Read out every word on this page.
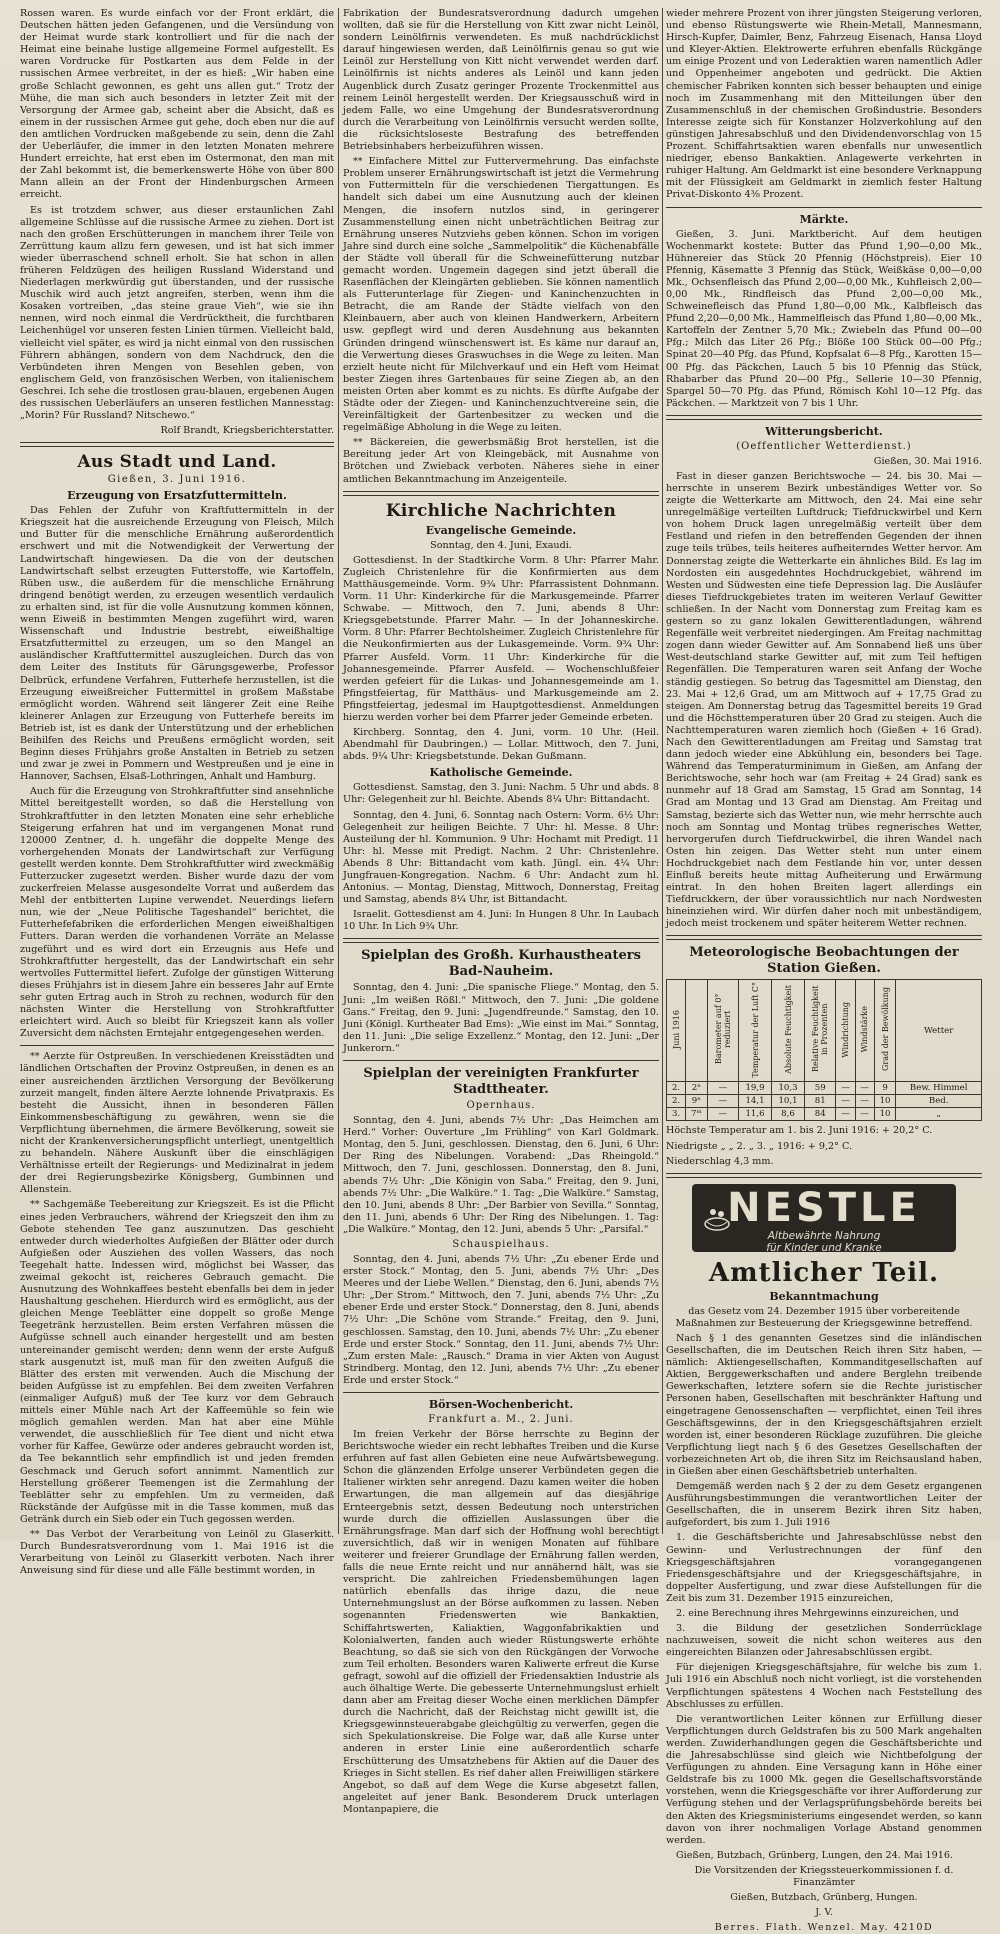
Rossen waren. Es wurde einfach vor der Front erklärt, die Deutschen hätten jeden Gefangenen, und die Versündung von der Heimat wurde stark kontrolliert und für die nach der Heimat eine beinahe lustige allgemeine Formel aufgestellt. Es waren Vordrucke für Postkarten aus dem Felde in der russischen Armee verbreitet, in der es hieß: „Wir haben eine große Schlacht gewonnen, es geht uns allen gut.“ Trotz der Mühe, die man sich auch besonders in letzter Zeit mit der Versorgung der Armee gab, scheint aber die Absicht, daß es einem in der russischen Armee gut gehe, doch eben nur die auf den amtlichen Vordrucken maßgebende zu sein, denn die Zahl der Ueberläufer, die immer in den letzten Monaten mehrere Hundert erreichte, hat erst eben im Ostermonat, den man mit der Zahl bekommt ist, die bemerkenswerte Höhe von über 800 Mann allein an der Front der Hindenburgschen Armeen erreicht.

Es ist trotzdem schwer, aus dieser erstaunlichen Zahl allgemeine Schlüsse auf die russische Armee zu ziehen. Dort ist nach den großen Erschütterungen in manchem ihrer Teile von Zerrüttung kaum allzu fern gewesen, und ist hat sich immer wieder überraschend schnell erholt. Sie hat schon in allen früheren Feldzügen des heiligen Russland Widerstand und Niederlagen merkwürdig gut überstanden, und der russische Muschik wird auch jetzt angreifen, sterben, wenn ihm die Kosaken vortreiben, „das steine graue Vieh“, wie sie ihn nennen, wird noch einmal die Verdrücktheit, die furchtbaren Leichenhügel vor unseren festen Linien türmen. Vielleicht bald, vielleicht viel später, es wird ja nicht einmal von den russischen Führern abhängen, sondern von dem Nachdruck, den die Verbündeten ihren Mengen von Besehlen geben, von englischem Geld, von französischen Werben, von italienischem Geschrei. Ich sehe die trostlosen grau-blauen, ergebenen Augen des russischen Ueberläufers an unseren festlichen Mannesstag: „Morin? Für Russland? Nitschewo.“

Rolf Brandt, Kriegsberichterstatter.
Aus Stadt und Land.
Gießen, 3. Juni 1916.
Erzeugung von Ersatzfuttermitteln.

Das Fehlen der Zufuhr von Kraftfuttermitteln in der Kriegszeit hat die ausreichende Erzeugung von Fleisch, Milch und Butter für die menschliche Ernährung außerordentlich erschwert und mit die Notwendigkeit der Verwertung der Landwirtschaft hingewiesen. Da die von der deutschen Landwirtschaft selbst erzeugten Futterstoffe, wie Kartoffeln, Rüben usw., die außerdem für die menschliche Ernährung dringend benötigt werden, zu erzeugen wesentlich verdaulich zu erhalten sind, ist für die volle Ausnutzung kommen können, wenn Eiweiß in bestimmten Mengen zugeführt wird, waren Wissenschaft und Industrie bestrebt, eiweißhaltige Ersatzfuttermittel zu erzeugen, um so den Mangel an ausländischer Kraftfuttermittel auszugleichen. Durch das von dem Leiter des Instituts für Gärungsgewerbe, Professor Delbrück, erfundene Verfahren, Futterhefe herzustellen, ist die Erzeugung eiweißreicher Futtermittel in großem Maßstabe ermöglicht worden. Während seit längerer Zeit eine Reihe kleinerer Anlagen zur Erzeugung von Futterhefe bereits im Betrieb ist, ist es dank der Unterstützung und der erheblichen Beihilfen des Reichs und Preußens ermöglicht worden, seit Beginn dieses Frühjahrs große Anstalten in Betrieb zu setzen und zwar je zwei in Pommern und Westpreußen und je eine in Hannover, Sachsen, Elsaß-Lothringen, Anhalt und Hamburg.

Auch für die Erzeugung von Strohkraftfutter sind ansehnliche Mittel bereitgestellt worden, so daß die Herstellung von Strohkraftfutter in den letzten Monaten eine sehr erhebliche Steigerung erfahren hat und im vergangenen Monat rund 120000 Zentner, d. h. ungefähr die doppelte Menge des vorhergehenden Monats der Landwirtschaft zur Verfügung gestellt werden konnte. Dem Strohkraftfutter wird zweckmäßig Futterzucker zugesetzt werden. Bisher wurde dazu der vom zuckerfreien Melasse ausgesondelte Vorrat und außerdem das Mehl der entbitterten Lupine verwendet. Neuerdings liefern nun, wie der „Neue Politische Tageshandel“ berichtet, die Futterhefefabriken die erforderlichen Mengen eiweißhaltigen Futters. Daran werden die vorhandenen Vorräte an Melasse zugeführt und es wird dort ein Erzeugnis aus Hefe und Strohkraftfutter hergestellt, das der Landwirtschaft ein sehr wertvolles Futtermittel liefert. Zufolge der günstigen Witterung dieses Frühjahrs ist in diesem Jahre ein besseres Jahr auf Ernte sehr guten Ertrag auch in Stroh zu rechnen, wodurch für den nächsten Winter die Herstellung von Strohkraftfutter erleichtert wird. Auch so bleibt für Kriegszeit kann als voller Zuversicht dem nächsten Erntejahr entgegengesehen werden.

** Aerzte für Ostpreußen. In verschiedenen Kreisstädten und ländlichen Ortschaften der Provinz Ostpreußen, in denen es an einer ausreichenden ärztlichen Versorgung der Bevölkerung zurzeit mangelt, finden ältere Aerzte lohnende Privatpraxis. Es besteht die Aussicht, ihnen in besonderen Fällen Einkommensbeschäftigung zu gewähren, wenn sie die Verpflichtung übernehmen, die ärmere Bevölkerung, soweit sie nicht der Krankenversicherungspflicht unterliegt, unentgeltlich zu behandeln. Nähere Auskunft über die einschlägigen Verhältnisse erteilt der Regierungs- und Medizinalrat in jedem der drei Regierungsbezirke Königsberg, Gumbinnen und Allenstein.

** Sachgemäße Teebereitung zur Kriegszeit. Es ist die Pflicht eines jeden Verbrauchers, während der Kriegszeit den ihm zu Gebote stehenden Tee ganz auszunutzen. Das geschieht entweder durch wiederholtes Aufgießen der Blätter oder durch Aufgießen oder Ausziehen des vollen Wassers, das noch Teegehalt hatte. Indessen wird, möglichst bei Wasser, das zweimal gekocht ist, reicheres Gebrauch gemacht. Die Ausnutzung des Wohnkaffees besteht ebenfalls bei dem in jeder Haushaltung geschehen. Hierdurch wird es ermöglicht, aus der gleichen Menge Teeblätter eine doppelt so große Menge Teegetränk herzustellen. Beim ersten Verfahren müssen die Aufgüsse schnell auch einander hergestellt und am besten untereinander gemischt werden; denn wenn der erste Aufguß stark ausgenutzt ist, muß man für den zweiten Aufguß die Blätter des ersten mit verwenden. Auch die Mischung der beiden Aufgüsse ist zu empfehlen. Bei dem zweiten Verfahren (einmaliger Aufguß) muß der Tee kurz vor dem Gebrauch mittels einer Mühle nach Art der Kaffeemühle so fein wie möglich gemahlen werden. Man hat aber eine Mühle verwendet, die ausschließlich für Tee dient und nicht etwa vorher für Kaffee, Gewürze oder anderes gebraucht worden ist, da Tee bekanntlich sehr empfindlich ist und jeden fremden Geschmack und Geruch sofort annimmt. Namentlich zur Herstellung größerer Teemengen ist die Zermahlung der Teeblätter sehr zu empfehlen. Um zu vermeiden, daß Rückstände der Aufgüsse mit in die Tasse kommen, muß das Getränk durch ein Sieb oder ein Tuch gegossen werden.

** Das Verbot der Verarbeitung von Leinöl zu Glaserkitt. Durch Bundesratsverordnung vom 1. Mai 1916 ist die Verarbeitung von Leinöl zu Glaserkitt verboten. Nach ihrer Anweisung sind für diese und alle Fälle bestimmt worden, in

Fabrikation der Bundesratsverordnung dadurch umgehen wollten, daß sie für die Herstellung von Kitt zwar nicht Leinöl, sondern Leinölfirnis verwendeten. Es muß nachdrücklichst darauf hingewiesen werden, daß Leinölfirnis genau so gut wie Leinöl zur Herstellung von Kitt nicht verwendet werden darf. Leinölfirnis ist nichts anderes als Leinöl und kann jeden Augenblick durch Zusatz geringer Prozente Trockenmittel aus reinem Leinöl hergestellt werden. Der Kriegsausschuß wird in jedem Falle, wo eine Umgehung der Bundesratsverordnung durch die Verarbeitung von Leinölfirnis versucht werden sollte, die rücksichtsloseste Bestrafung des betreffenden Betriebsinhabers herbeizuführen wissen.

** Einfachere Mittel zur Futtervermehrung. Das einfachste Problem unserer Ernährungswirtschaft ist jetzt die Vermehrung von Futtermitteln für die verschiedenen Tiergattungen. Es handelt sich dabei um eine Ausnutzung auch der kleinen Mengen, die insofern nutzlos sind, in geringerer Zusammenstellung einen nicht unbeträchtlichen Beitrag zur Ernährung unseres Nutzviehs geben können. Schon im vorigen Jahre sind durch eine solche „Sammelpolitik“ die Küchenabfälle der Städte voll überall für die Schweinefütterung nutzbar gemacht worden. Ungemein dagegen sind jetzt überall die Rasenflächen der Kleingärten geblieben. Sie können namentlich als Futterunterlage für Ziegen- und Kaninchenzuchten in Betracht, die am Rande der Städte vielfach von den Kleinbauern, aber auch von kleinen Handwerkern, Arbeitern usw. gepflegt wird und deren Ausdehnung aus bekannten Gründen dringend wünschenswert ist. Es käme nur darauf an, die Verwertung dieses Graswuchses in die Wege zu leiten. Man erzielt heute nicht für Milchverkauf und ein Heft vom Heimat bester Ziegen ihres Gartenbaues für seine Ziegen ab, an den meisten Orten aber kommt es zu nichts. Es dürfte Aufgabe der Städte oder der Ziegen- und Kaninchenzuchtvereine sein, die Vereinfältigkeit der Gartenbesitzer zu wecken und die regelmäßige Abholung in die Wege zu leiten.

** Bäckereien, die gewerbsmäßig Brot herstellen, ist die Bereitung jeder Art von Kleingebäck, mit Ausnahme von Brötchen und Zwieback verboten. Näheres siehe in einer amtlichen Bekanntmachung im Anzeigenteile.

Kirchliche Nachrichten
Evangelische Gemeinde.

Sonntag, den 4. Juni, Exaudi.

Gottesdienst. In der Stadtkirche Vorm. 8 Uhr: Pfarrer Mahr. Zugleich Christenlehre für die Konfirmierten aus dem Matthäusgemeinde. Vorm. 9¾ Uhr: Pfarrassistent Dohnmann. Vorm. 11 Uhr: Kinderkirche für die Markusgemeinde. Pfarrer Schwabe. — Mittwoch, den 7. Juni, abends 8 Uhr: Kriegsgebetstunde. Pfarrer Mahr. — In der Johanneskirche. Vorm. 8 Uhr: Pfarrer Bechtolsheimer. Zugleich Christenlehre für die Neukonfirmierten aus der Lukasgemeinde. Vorm. 9¾ Uhr: Pfarrer Ausfeld. Vorm. 11 Uhr: Kinderkirche für die Johannesgemeinde. Pfarrer Ausfeld. — Wochenschlußfeier werden gefeiert für die Lukas- und Johannesgemeinde am 1. Pfingstfeiertag, für Matthäus- und Markusgemeinde am 2. Pfingstfeiertag, jedesmal im Hauptgottesdienst. Anmeldungen hierzu werden vorher bei dem Pfarrer jeder Gemeinde erbeten.

Kirchberg. Sonntag, den 4. Juni, vorm. 10 Uhr. (Heil. Abendmahl für Daubringen.) — Lollar. Mittwoch, den 7. Juni, abds. 9¼ Uhr: Kriegsbetstunde. Dekan Gußmann.

Katholische Gemeinde.

Gottesdienst. Samstag, den 3. Juni: Nachm. 5 Uhr und abds. 8 Uhr: Gelegenheit zur hl. Beichte. Abends 8¼ Uhr: Bittandacht.

Sonntag, den 4. Juni, 6. Sonntag nach Ostern: Vorm. 6½ Uhr: Gelegenheit zur heiligen Beichte. 7 Uhr: hl. Messe. 8 Uhr: Austeilung der hl. Kommunion. 9 Uhr: Hochamt mit Predigt. 11 Uhr: hl. Messe mit Predigt. Nachm. 2 Uhr: Christenlehre. Abends 8 Uhr: Bittandacht vom kath. Jüngl. ein. 4¼ Uhr: Jungfrauen-Kongregation. Nachm. 6 Uhr: Andacht zum hl. Antonius. — Montag, Dienstag, Mittwoch, Donnerstag, Freitag und Samstag, abends 8¼ Uhr, ist Bittandacht.

Israelit. Gottesdienst am 4. Juni: In Hungen 8 Uhr. In Laubach 10 Uhr. In Lich 9¾ Uhr.

Spielplan des Großh. Kurhaustheaters Bad-Nauheim.

Sonntag, den 4. Juni: „Die spanische Fliege.“ Montag, den 5. Juni: „Im weißen Rößl.“ Mittwoch, den 7. Juni: „Die goldene Gans.“ Freitag, den 9. Juni: „Jugendfreunde.“ Samstag, den 10. Juni (Königl. Kurtheater Bad Ems): „Wie einst im Mai.“ Sonntag, den 11. Juni: „Die selige Exzellenz.“ Montag, den 12. Juni: „Der Junkerorn.“

Spielplan der vereinigten Frankfurter Stadttheater.
Opernhaus.

Sonntag, den 4. Juni, abends 7½ Uhr: „Das Heimchen am Herd.“ Vorher: Ouverture „Im Frühling“ von Karl Goldmark. Montag, den 5. Juni, geschlossen. Dienstag, den 6. Juni, 6 Uhr: Der Ring des Nibelungen. Vorabend: „Das Rheingold.“ Mittwoch, den 7. Juni, geschlossen. Donnerstag, den 8. Juni, abends 7½ Uhr: „Die Königin von Saba.“ Freitag, den 9. Juni, abends 7½ Uhr: „Die Walküre.“ 1. Tag: „Die Walküre.“ Samstag, den 10. Juni, abends 8 Uhr: „Der Barbier von Sevilla.“ Sonntag, den 11. Juni, abends 6 Uhr: Der Ring des Nibelungen. 1. Tag: „Die Walküre.“ Montag, den 12. Juni, abends 5 Uhr: „Parsifal.“

Schauspielhaus.

Sonntag, den 4. Juni, abends 7½ Uhr: „Zu ebener Erde und erster Stock.“ Montag, den 5. Juni, abends 7½ Uhr: „Des Meeres und der Liebe Wellen.“ Dienstag, den 6. Juni, abends 7½ Uhr: „Der Strom.“ Mittwoch, den 7. Juni, abends 7½ Uhr: „Zu ebener Erde und erster Stock.“ Donnerstag, den 8. Juni, abends 7½ Uhr: „Die Schöne vom Strande.“ Freitag, den 9. Juni, geschlossen. Samstag, den 10. Juni, abends 7½ Uhr: „Zu ebener Erde und erster Stock.“ Sonntag, den 11. Juni, abends 7½ Uhr: „Zum ersten Male: „Rausch.“ Drama in vier Akten von August Strindberg. Montag, den 12. Juni, abends 7½ Uhr: „Zu ebener Erde und erster Stock.“

Börsen-Wochenbericht.
Frankfurt a. M., 2. Juni.

Im freien Verkehr der Börse herrschte zu Beginn der Berichtswoche wieder ein recht lebhaftes Treiben und die Kurse erfuhren auf fast allen Gebieten eine neue Aufwärtsbewegung. Schon die glänzenden Erfolge unserer Verbündeten gegen die Italiener wirkten sehr anregend. Dazu kamen weiter die hoben Erwartungen, die man allgemein auf das diesjährige Ernteergebnis setzt, dessen Bedeutung noch unterstrichen wurde durch die offiziellen Auslassungen über die Ernährungsfrage. Man darf sich der Hoffnung wohl berechtigt zuversichtlich, daß wir in wenigen Monaten auf fühlbare weiterer und freierer Grundlage der Ernährung fallen werden, falls die neue Ernte reicht und nur annähernd hält, was sie verspricht. Die zahlreichen Friedensbemühungen lagen natürlich ebenfalls das ihrige dazu, die neue Unternehmungslust an der Börse aufkommen zu lassen. Neben sogenannten Friedenswerten wie Bankaktien, Schiffahrtswerten, Kaliaktien, Waggonfabrikaktien und Kolonialwerten, fanden auch wieder Rüstungswerte erhöhte Beachtung, so daß sie sich von den Rückgängen der Vorwoche zum Teil erholten. Besonders waren Kaliwerte erfreut die Kurse gefragt, sowohl auf die offiziell der Friedensaktien Industrie als auch ölhaltige Werte. Die gebesserte Unternehmungslust erhielt dann aber am Freitag dieser Woche einen merklichen Dämpfer durch die Nachricht, daß der Reichstag nicht gewillt ist, die Kriegsgewinnsteuerabgabe gleichgültig zu verwerfen, gegen die sich Spekulationskreise. Die Folge war, daß alle Kurse unter anderen in erster Linie eine außerordentlich scharfe Erschütterung des Umsatzhebens für Aktien auf die Dauer des Krieges in Sicht stellen. Es rief daher allen Freiwilligen stärkere Angebot, so daß auf dem Wege die Kurse abgesetzt fallen, angeleitet auf jener Bank. Besonderem Druck unterlagen Montanpapiere, die

wieder mehrere Prozent von ihrer jüngsten Steigerung verloren, und ebenso Rüstungswerte wie Rhein-Metall, Mannesmann, Hirsch-Kupfer, Daimler, Benz, Fahrzeug Eisenach, Hansa Lloyd und Kleyer-Aktien. Elektrowerte erfuhren ebenfalls Rückgänge um einige Prozent und von Lederaktien waren namentlich Adler und Oppenheimer angeboten und gedrückt. Die Aktien chemischer Fabriken konnten sich besser behaupten und einige noch im Zusammenhang mit den Mitteilungen über den Zusammenschluß in der chemischen Großindustrie. Besonders Interesse zeigte sich für Konstanzer Holzverkohlung auf den günstigen Jahresabschluß und den Dividendenvorschlag von 15 Prozent. Schiffahrtsaktien waren ebenfalls nur unwesentlich niedriger, ebenso Bankaktien. Anlagewerte verkehrten in ruhiger Haltung. Am Geldmarkt ist eine besondere Verknappung mit der Flüssigkeit am Geldmarkt in ziemlich fester Haltung Privat-Diskonto 4⅜ Prozent.

Märkte.

Gießen, 3. Juni. Marktbericht. Auf dem heutigen Wochenmarkt kostete: Butter das Pfund 1,90—0,00 Mk., Hühnereier das Stück 20 Pfennig (Höchstpreis). Eier 10 Pfennig, Käsematte 3 Pfennig das Stück, Weißkäse 0,00—0,00 Mk., Ochsenfleisch das Pfund 2,00—0,00 Mk., Kuhfleisch 2,00—0,00 Mk., Rindfleisch das Pfund 2,00—0,00 Mk., Schweinefleisch das Pfund 1,80—0,00 Mk., Kalbfleisch das Pfund 2,20—0,00 Mk., Hammelfleisch das Pfund 1,80—0,00 Mk., Kartoffeln der Zentner 5,70 Mk.; Zwiebeln das Pfund 00—00 Pfg.; Milch das Liter 26 Pfg.; Blöße 100 Stück 00—00 Pfg.; Spinat 20—40 Pfg. das Pfund, Kopfsalat 6—8 Pfg., Karotten 15—00 Pfg. das Päckchen, Lauch 5 bis 10 Pfennig das Stück, Rhabarber das Pfund 20—00 Pfg., Sellerie 10—30 Pfennig, Spargel 50—70 Pfg. das Pfund, Römisch Kohl 10—12 Pfg. das Päckchen. — Marktzeit von 7 bis 1 Uhr.

Witterungsbericht.
(Oeffentlicher Wetterdienst.)
Gießen, 30. Mai 1916.

Fast in dieser ganzen Berichtswoche — 24. bis 30. Mai — herrschte in unserem Bezirk unbeständiges Wetter vor. So zeigte die Wetterkarte am Mittwoch, den 24. Mai eine sehr unregelmäßige verteilten Luftdruck; Tiefdruckwirbel und Kern von hohem Druck lagen unregelmäßig verteilt über dem Festland und riefen in den betreffenden Gegenden der ihnen zuge teils trübes, teils heiteres aufheiterndes Wetter hervor. Am Donnerstag zeigte die Wetterkarte ein ähnliches Bild. Es lag im Nordosten ein ausgedehntes Hochdruckgebiet, während im Westen und Südwesten eine tiefe Depression lag. Die Ausläufer dieses Tiefdruckgebietes traten im weiteren Verlauf Gewitter schließen. In der Nacht vom Donnerstag zum Freitag kam es gestern so zu ganz lokalen Gewitterentladungen, während Regenfälle weit verbreitet niedergingen. Am Freitag nachmittag zogen dann wieder Gewitter auf. Am Sonnabend ließ uns über West-deutschland starke Gewitter auf, mit zum Teil heftigen Regenfällen. Die Temperaturen waren seit Anfang der Woche ständig gestiegen. So betrug das Tagesmittel am Dienstag, den 23. Mai + 12,6 Grad, um am Mittwoch auf + 17,75 Grad zu steigen. Am Donnerstag betrug das Tagesmittel bereits 19 Grad und die Höchsttemperaturen über 20 Grad zu steigen. Auch die Nachttemperaturen waren ziemlich hoch (Gießen + 16 Grad). Nach den Gewitterentladungen am Freitag und Samstag trat dann jedoch wieder eine Abkühlung ein, besonders bei Tage. Während das Temperaturminimum in Gießen, am Anfang der Berichtswoche, sehr hoch war (am Freitag + 24 Grad) sank es nunmehr auf 18 Grad am Samstag, 15 Grad am Sonntag, 14 Grad am Montag und 13 Grad am Dienstag. Am Freitag und Samstag, bezierte sich das Wetter nun, wie mehr herrschte auch noch am Sonntag und Montag trübes regnerisches Wetter, hervorgerufen durch Tiefdruckwirbel, die ihren Wandel nach Osten hin zeigen. Das Wetter steht nun unter einem Hochdruckgebiet nach dem Festlande hin vor, unter dessen Einfluß bereits heute mittag Aufheiterung und Erwärmung eintrat. In den hohen Breiten lagert allerdings ein Tiefdruckkern, der über voraussichtlich nur nach Nordwesten hineinziehen wird. Wir dürfen daher noch mit unbeständigem, jedoch meist trockenem und später heiterem Wetter rechnen.

Meteorologische Beobachtungen der Station Gießen.
Juni 1916		Barometer auf 0° reduziert	Temperatur der Luft C°	Absolute Feuchtigkeit	Relative Feuchtigkeit in Prozenten	Windrichtung	Windstärke	Grad der Bewölkung	Wetter
2.	2ⁿ	—	19,9	10,3	59	—	—	9	Bew. Himmel
2.	9ⁿ	—	14,1	10,1	81	—	—	10	Bed.
3.	7ᵐ	—	11,6	8,6	84	—	—	10	„

Höchste Temperatur am 1. bis 2. Juni 1916: + 20,2° C.

Niedrigste „ „ 2. „ 3. „ 1916: + 9,2° C.

Niederschlag 4,3 mm.

NESTLE
Altbewährte Nahrung
für Kinder und Kranke
Amtlicher Teil.
Bekanntmachung

das Gesetz vom 24. Dezember 1915 über vorbereitende Maßnahmen zur Besteuerung der Kriegsgewinne betreffend.

Nach § 1 des genannten Gesetzes sind die inländischen Gesellschaften, die im Deutschen Reich ihren Sitz haben, — nämlich: Aktiengesellschaften, Kommanditgesellschaften auf Aktien, Berggewerkschaften und andere Berglehn treibende Gewerkschaften, letztere sofern sie die Rechte juristischer Personen haben, Gesellschaften mit beschränkter Haftung und eingetragene Genossenschaften — verpflichtet, einen Teil ihres Geschäftsgewinns, der in den Kriegsgeschäftsjahren erzielt worden ist, einer besonderen Rücklage zuzuführen. Die gleiche Verpflichtung liegt nach § 6 des Gesetzes Gesellschaften der vorbezeichneten Art ob, die ihren Sitz im Reichsausland haben, in Gießen aber einen Geschäftsbetrieb unterhalten.

Demgemäß werden nach § 2 der zu dem Gesetz ergangenen Ausführungsbestimmungen die verantwortlichen Leiter der Gesellschaften, die in unserem Bezirk ihren Sitz haben, aufgefordert, bis zum 1. Juli 1916

1. die Geschäftsberichte und Jahresabschlüsse nebst den Gewinn- und Verlustrechnungen der fünf den Kriegsgeschäftsjahren vorangegangenen Friedensgeschäftsjahre und der Kriegsgeschäftsjahre, in doppelter Ausfertigung, und zwar diese Aufstellungen für die Zeit bis zum 31. Dezember 1915 einzureichen,

2. eine Berechnung ihres Mehrgewinns einzureichen, und

3. die Bildung der gesetzlichen Sonderrücklage nachzuweisen, soweit die nicht schon weiteres aus den eingereichten Bilanzen oder Jahresabschlüssen ergibt.

Für diejenigen Kriegsgeschäftsjahre, für welche bis zum 1. Juli 1916 ein Abschluß noch nicht vorliegt, ist die vorstehenden Verpflichtungen spätestens 4 Wochen nach Feststellung des Abschlusses zu erfüllen.

Die verantwortlichen Leiter können zur Erfüllung dieser Verpflichtungen durch Geldstrafen bis zu 500 Mark angehalten werden. Zuwiderhandlungen gegen die Geschäftsberichte und die Jahresabschlüsse sind gleich wie Nichtbefolgung der Verfügungen zu ahnden. Eine Versagung kann in Höhe einer Geldstrafe bis zu 1000 Mk. gegen die Gesellschaftsvorstände vorstehen, wenn die Kriegsgeschäfte vor ihrer Aufforderung zur Verfügung stehen und der Verlagsprüfungsbehörde bereits bei den Akten des Kriegsministeriums eingesendet werden, so kann davon von ihrer nochmaligen Vorlage Abstand genommen werden.

Gießen, Butzbach, Grünberg, Lungen, den 24. Mai 1916.

Die Vorsitzenden der Kriegssteuerkommissionen f. d. Finanzämter

Gießen, Butzbach, Grünberg, Hungen.

J. V.

Berres. Flath. Wenzel. May. 4210D
